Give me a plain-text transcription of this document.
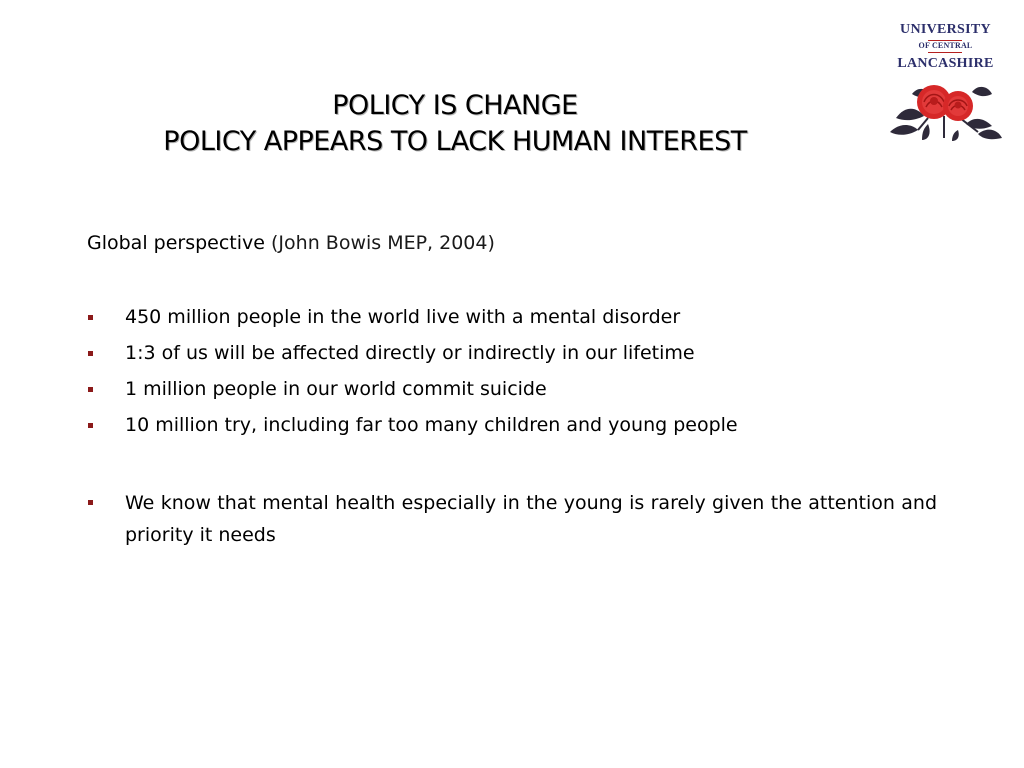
POLICY IS CHANGE
POLICY APPEARS TO LACK HUMAN INTEREST
UNIVERSITY
OF CENTRAL
LANCASHIRE
Global perspective (John Bowis MEP, 2004)
450 million people in the world live with a mental disorder
1:3 of us will be affected directly or indirectly in our lifetime
1 million people in our world commit suicide
10 million try, including far too many children and young people
We know that mental health especially in the young is rarely given the attention and priority it needs
